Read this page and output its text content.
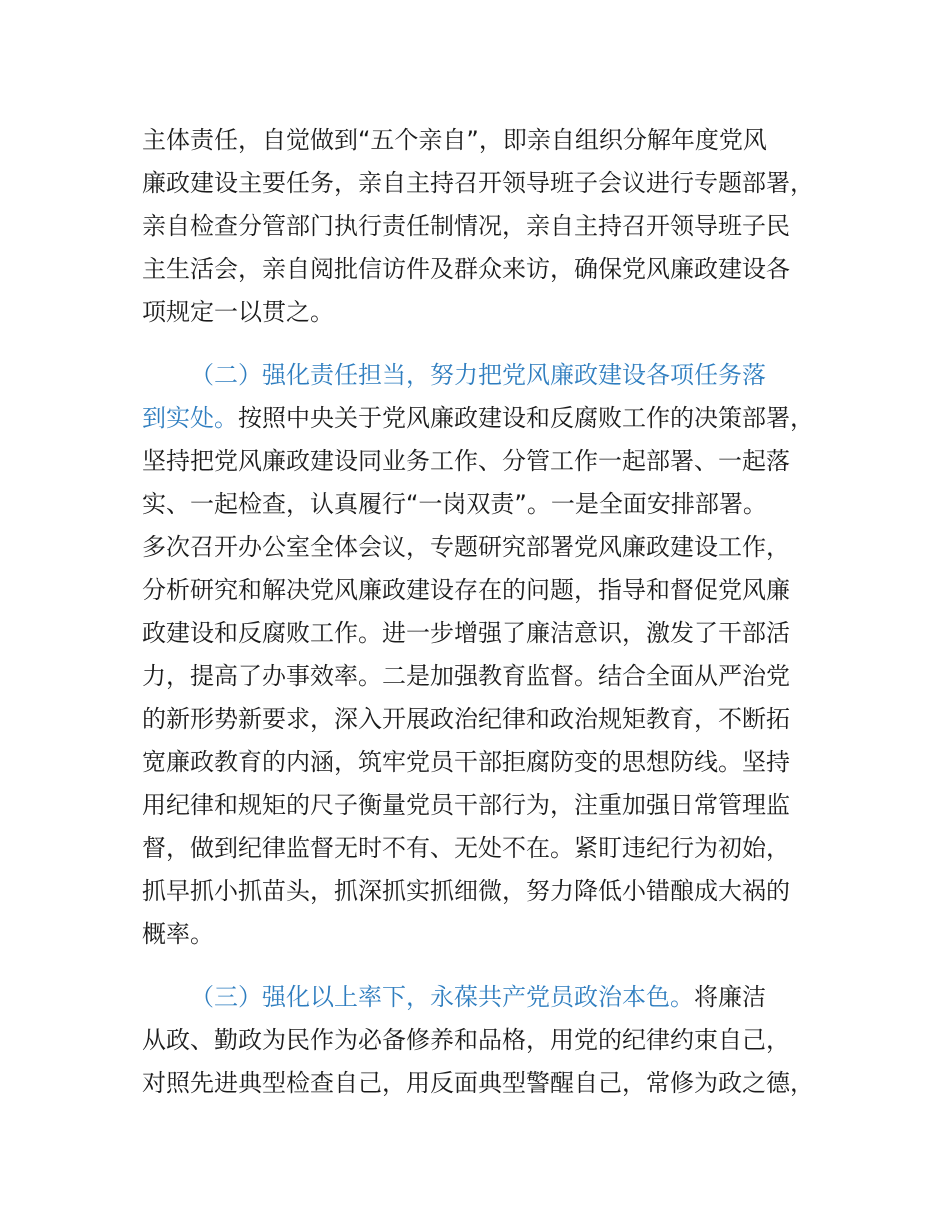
主体责任，自觉做到“五个亲自”，即亲自组织分解年度党风
廉政建设主要任务，亲自主持召开领导班子会议进行专题部署，
亲自检查分管部门执行责任制情况，亲自主持召开领导班子民
主生活会，亲自阅批信访件及群众来访，确保党风廉政建设各
项规定一以贯之。
（二）强化责任担当，努力把党风廉政建设各项任务落
到实处。按照中央关于党风廉政建设和反腐败工作的决策部署，
坚持把党风廉政建设同业务工作、分管工作一起部署、一起落
实、一起检查，认真履行“一岗双责”。一是全面安排部署。
多次召开办公室全体会议，专题研究部署党风廉政建设工作，
分析研究和解决党风廉政建设存在的问题，指导和督促党风廉
政建设和反腐败工作。进一步增强了廉洁意识，激发了干部活
力，提高了办事效率。二是加强教育监督。结合全面从严治党
的新形势新要求，深入开展政治纪律和政治规矩教育，不断拓
宽廉政教育的内涵，筑牢党员干部拒腐防变的思想防线。坚持
用纪律和规矩的尺子衡量党员干部行为，注重加强日常管理监
督，做到纪律监督无时不有、无处不在。紧盯违纪行为初始，
抓早抓小抓苗头，抓深抓实抓细微，努力降低小错酿成大祸的
概率。
（三）强化以上率下，永葆共产党员政治本色。将廉洁
从政、勤政为民作为必备修养和品格，用党的纪律约束自己，
对照先进典型检查自己，用反面典型警醒自己，常修为政之德，
